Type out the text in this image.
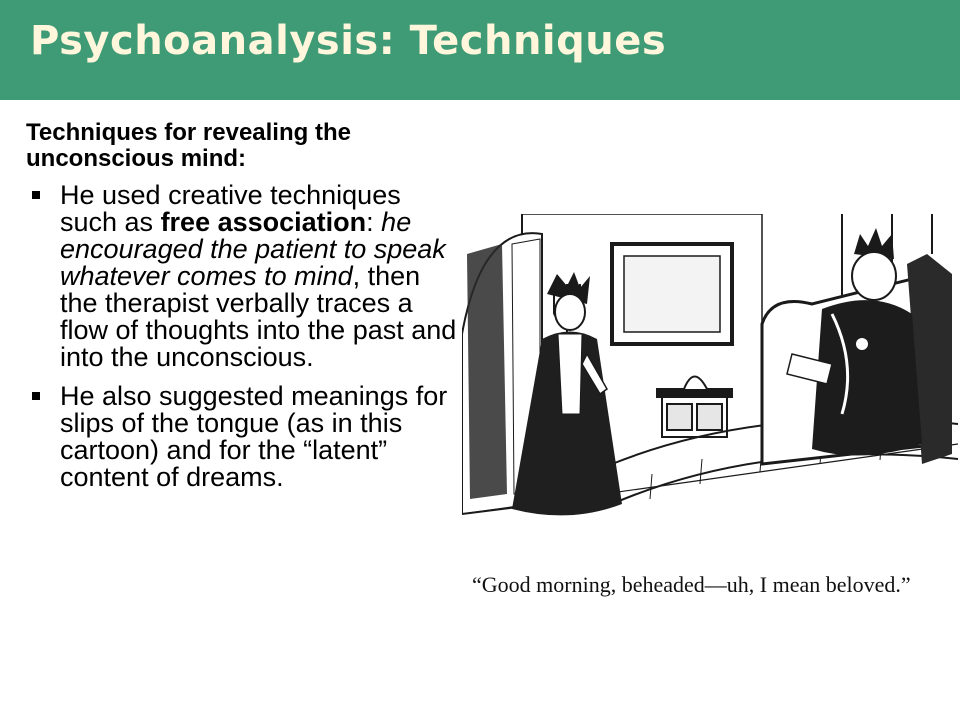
Psychoanalysis: Techniques

Techniques for revealing the unconscious mind:

He used creative techniques such as free association: he encouraged the patient to speak whatever comes to mind, then the therapist verbally traces a flow of thoughts into the past and into the unconscious.
He also suggested meanings for slips of the tongue (as in this cartoon) and for the “latent” content of dreams.
“Good morning, beheaded—uh, I mean beloved.”
